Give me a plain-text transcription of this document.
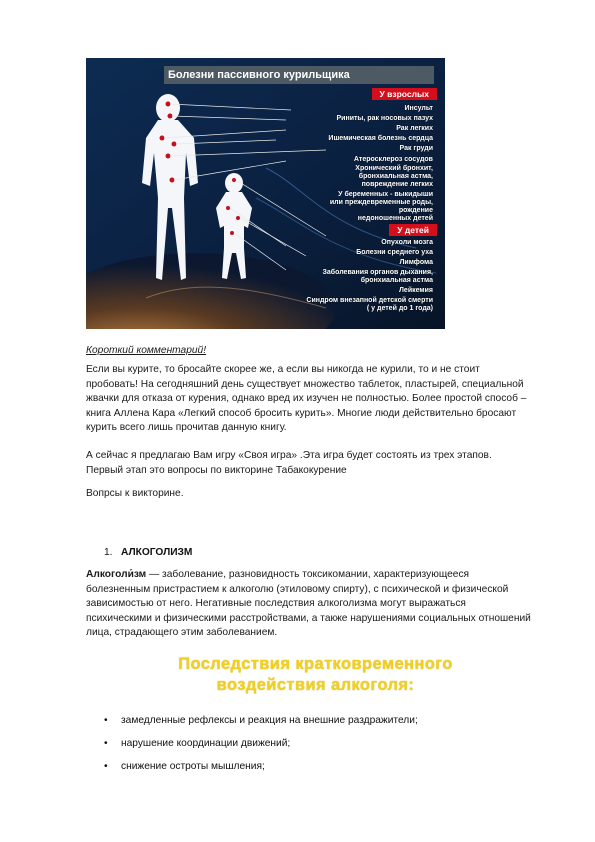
Болезни пассивного курильщика
У взрослых
Инсульт
Риниты, рак носовых пазух
Рак легких
Ишемическая болезнь сердца
Рак груди
Атеросклероз сосудов
Хронический бронхит,
бронхиальная астма,
повреждение легких
У беременных - выкидыши
или преждевременные роды,
рождение
недоношенных детей
У детей
Опухоли мозга
Болезни среднего уха
Лимфома
Заболевания органов дыхания,
бронхиальная астма
Лейкемия
Синдром внезапной детской смерти
( у детей до 1 года)
Короткий комментарий!
Если вы курите, то бросайте скорее же, а если вы никогда не курили, то и не стоит
пробовать! На сегодняшний день существует множество таблеток, пластырей, специальной
жвачки для отказа от курения, однако вред их изучен не полностью. Более простой способ –
книга Аллена Кара «Легкий способ бросить курить». Многие люди действительно бросают
курить всего лишь прочитав данную книгу.
А сейчас я предлагаю Вам игру «Своя игра» .Эта игра будет состоять из трех этапов.
Первый этап это вопросы по викторине Табакокурение
Вопрсы к викторине.
1. АЛКОГОЛИЗМ
Алкоголи́зм — заболевание, разновидность токсикомании, характеризующееся
болезненным пристрастием к алкоголю (этиловому спирту), с психической и физической
зависимостью от него. Негативные последствия алкоголизма могут выражаться
психическими и физическими расстройствами, а также нарушениями социальных отношений
лица, страдающего этим заболеванием.
Последствия кратковременного
воздействия алкоголя:
• замедленные рефлексы и реакция на внешние раздражители;
• нарушение координации движений;
• снижение остроты мышления;
